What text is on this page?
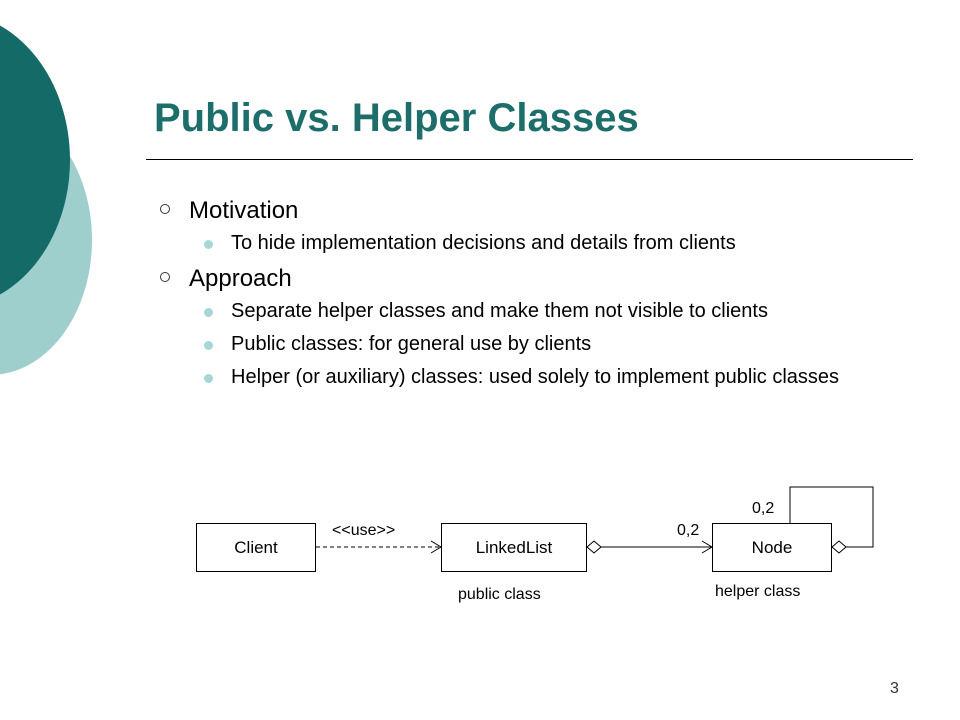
Public vs. Helper Classes
Motivation
To hide implementation decisions and details from clients
Approach
Separate helper classes and make them not visible to clients
Public classes: for general use by clients
Helper (or auxiliary) classes: used solely to implement public classes
Client	LinkedList	Node
<<use>>	0,2
0,2
public class	helper class
3
